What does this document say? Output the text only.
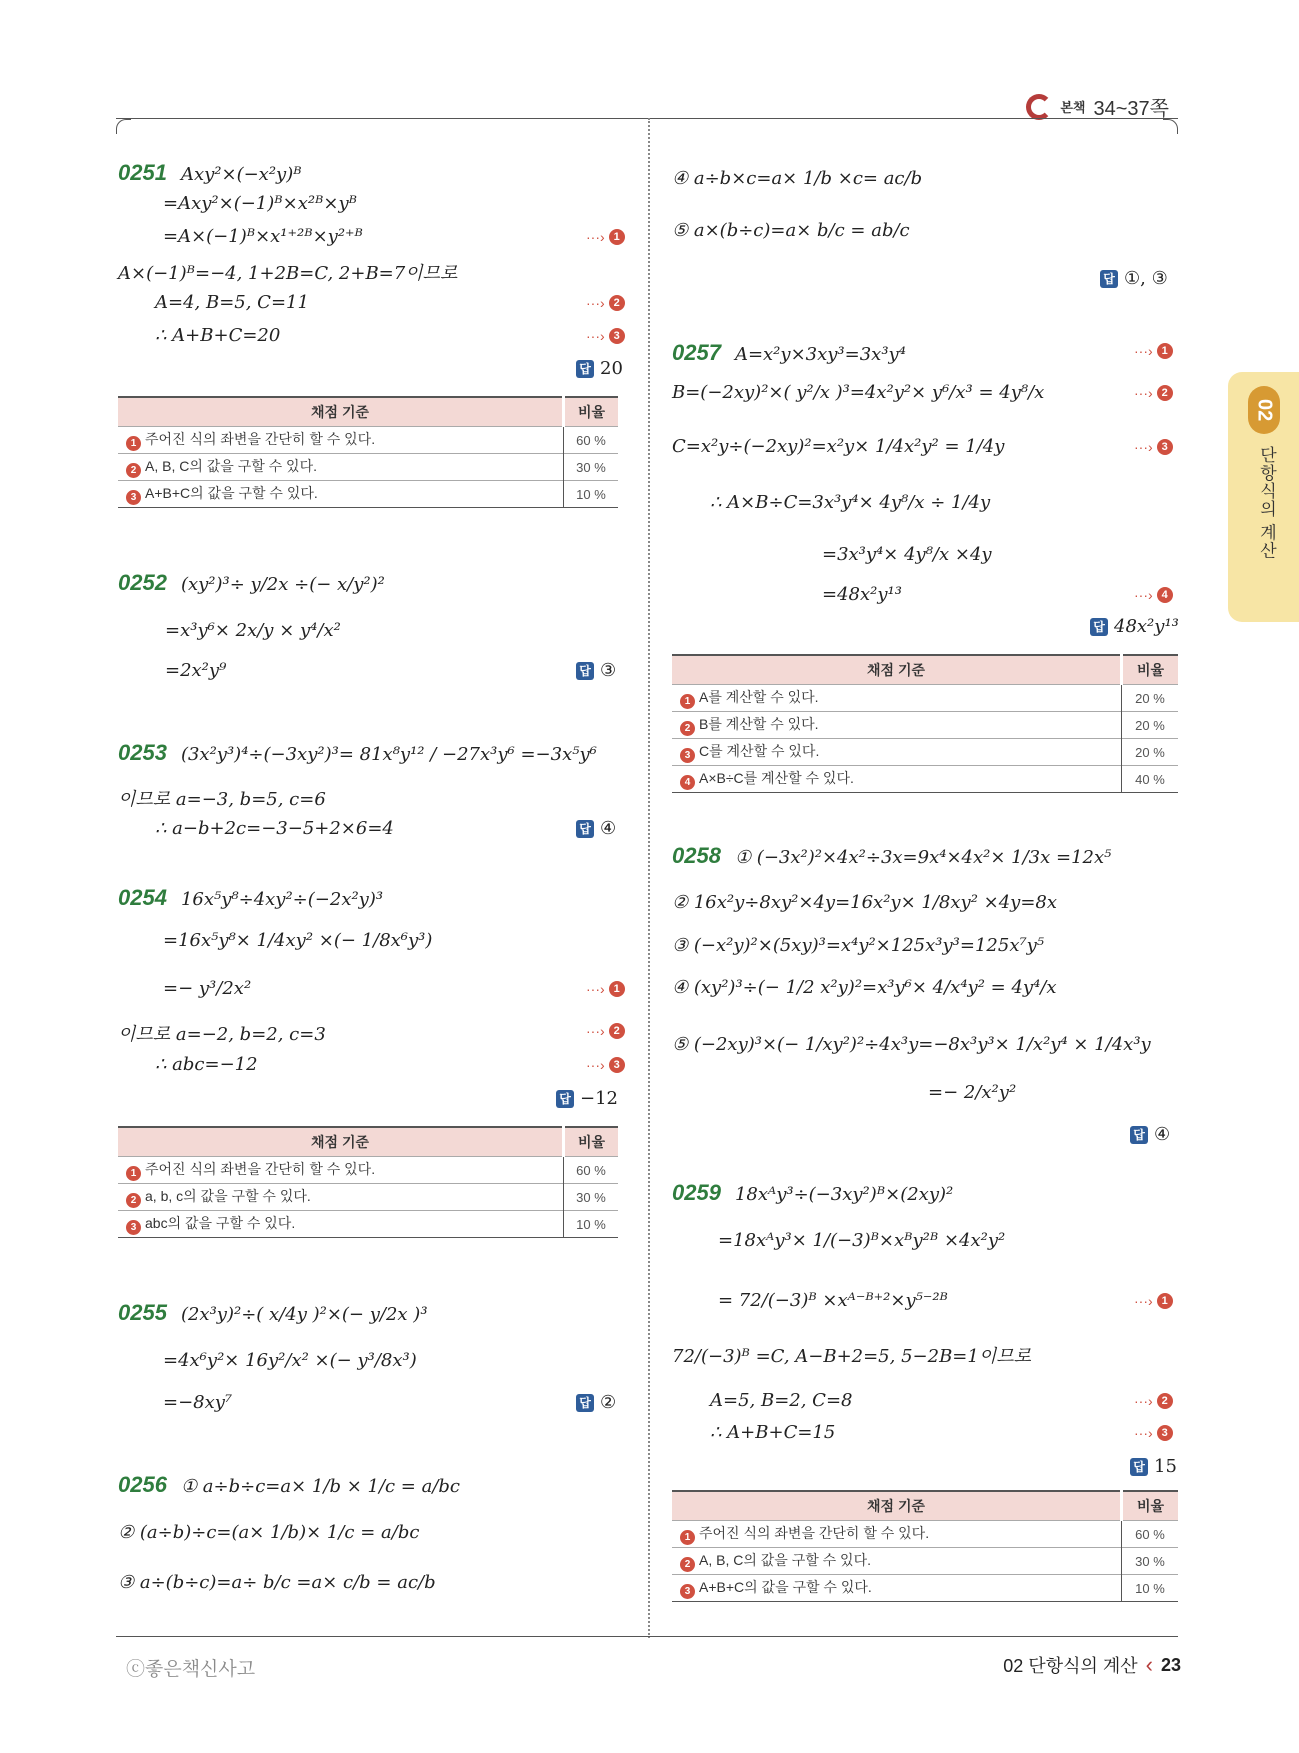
본책 34~37쪽
02
단항식의 계산
0251 Axy²×(−x²y)ᴮ
=Axy²×(−1)ᴮ×x²ᴮ×yᴮ
=A×(−1)ᴮ×x¹⁺²ᴮ×y²⁺ᴮ
A×(−1)ᴮ=−4, 1+2B=C, 2+B=7이므로
A=4, B=5, C=11
∴ A+B+C=20
···› 1
···› 2
···› 3
답 20
채점 기준	비율
1 주어진 식의 좌변을 간단히 할 수 있다.	60 %
2 A, B, C의 값을 구할 수 있다.	30 %
3 A+B+C의 값을 구할 수 있다.	10 %
0252 (xy²)³÷ y/2x ÷(− x/y²)²
=x³y⁶× 2x/y × y⁴/x²
=2x²y⁹	답 ③
0253 (3x²y³)⁴÷(−3xy²)³= 81x⁸y¹² / −27x³y⁶ =−3x⁵y⁶
이므로 a=−3, b=5, c=6
∴ a−b+2c=−3−5+2×6=4	답 ④
0254 16x⁵y⁸÷4xy²÷(−2x²y)³
=16x⁵y⁸× 1/4xy² ×(− 1/8x⁶y³)
=− y³/2x²
이므로 a=−2, b=2, c=3
∴ abc=−12
···› 1
···› 2
···› 3
답 −12
채점 기준	비율
1 주어진 식의 좌변을 간단히 할 수 있다.	60 %
2 a, b, c의 값을 구할 수 있다.	30 %
3 abc의 값을 구할 수 있다.	10 %
0255 (2x³y)²÷( x/4y )²×(− y/2x )³
=4x⁶y²× 16y²/x² ×(− y³/8x³)
=−8xy⁷	답 ②
0256 ① a÷b÷c=a× 1/b × 1/c = a/bc
② (a÷b)÷c=(a× 1/b)× 1/c = a/bc
③ a÷(b÷c)=a÷ b/c =a× c/b = ac/b
④ a÷b×c=a× 1/b ×c= ac/b
⑤ a×(b÷c)=a× b/c = ab/c
답 ①, ③
0257 A=x²y×3xy³=3x³y⁴
B=(−2xy)²×( y²/x )³=4x²y²× y⁶/x³ = 4y⁸/x
C=x²y÷(−2xy)²=x²y× 1/4x²y² = 1/4y
∴ A×B÷C=3x³y⁴× 4y⁸/x ÷ 1/4y
=3x³y⁴× 4y⁸/x ×4y
=48x²y¹³
···› 1
···› 2
···› 3
···› 4
답 48x²y¹³
채점 기준	비율
1 A를 계산할 수 있다.	20 %
2 B를 계산할 수 있다.	20 %
3 C를 계산할 수 있다.	20 %
4 A×B÷C를 계산할 수 있다.	40 %
0258 ① (−3x²)²×4x²÷3x=9x⁴×4x²× 1/3x =12x⁵
② 16x²y÷8xy²×4y=16x²y× 1/8xy² ×4y=8x
③ (−x²y)²×(5xy)³=x⁴y²×125x³y³=125x⁷y⁵
④ (xy²)³÷(− 1/2 x²y)²=x³y⁶× 4/x⁴y² = 4y⁴/x
⑤ (−2xy)³×(− 1/xy²)²÷4x³y=−8x³y³× 1/x²y⁴ × 1/4x³y
=− 2/x²y²
답 ④
0259 18xᴬy³÷(−3xy²)ᴮ×(2xy)²
=18xᴬy³× 1/(−3)ᴮ×xᴮy²ᴮ ×4x²y²
= 72/(−3)ᴮ ×xᴬ⁻ᴮ⁺²×y⁵⁻²ᴮ
72/(−3)ᴮ =C, A−B+2=5, 5−2B=1이므로
A=5, B=2, C=8
∴ A+B+C=15
···› 1
···› 2
···› 3
답 15
채점 기준	비율
1 주어진 식의 좌변을 간단히 할 수 있다.	60 %
2 A, B, C의 값을 구할 수 있다.	30 %
3 A+B+C의 값을 구할 수 있다.	10 %
ⓒ좋은책신사고	02 단항식의 계산 ‹ 23
